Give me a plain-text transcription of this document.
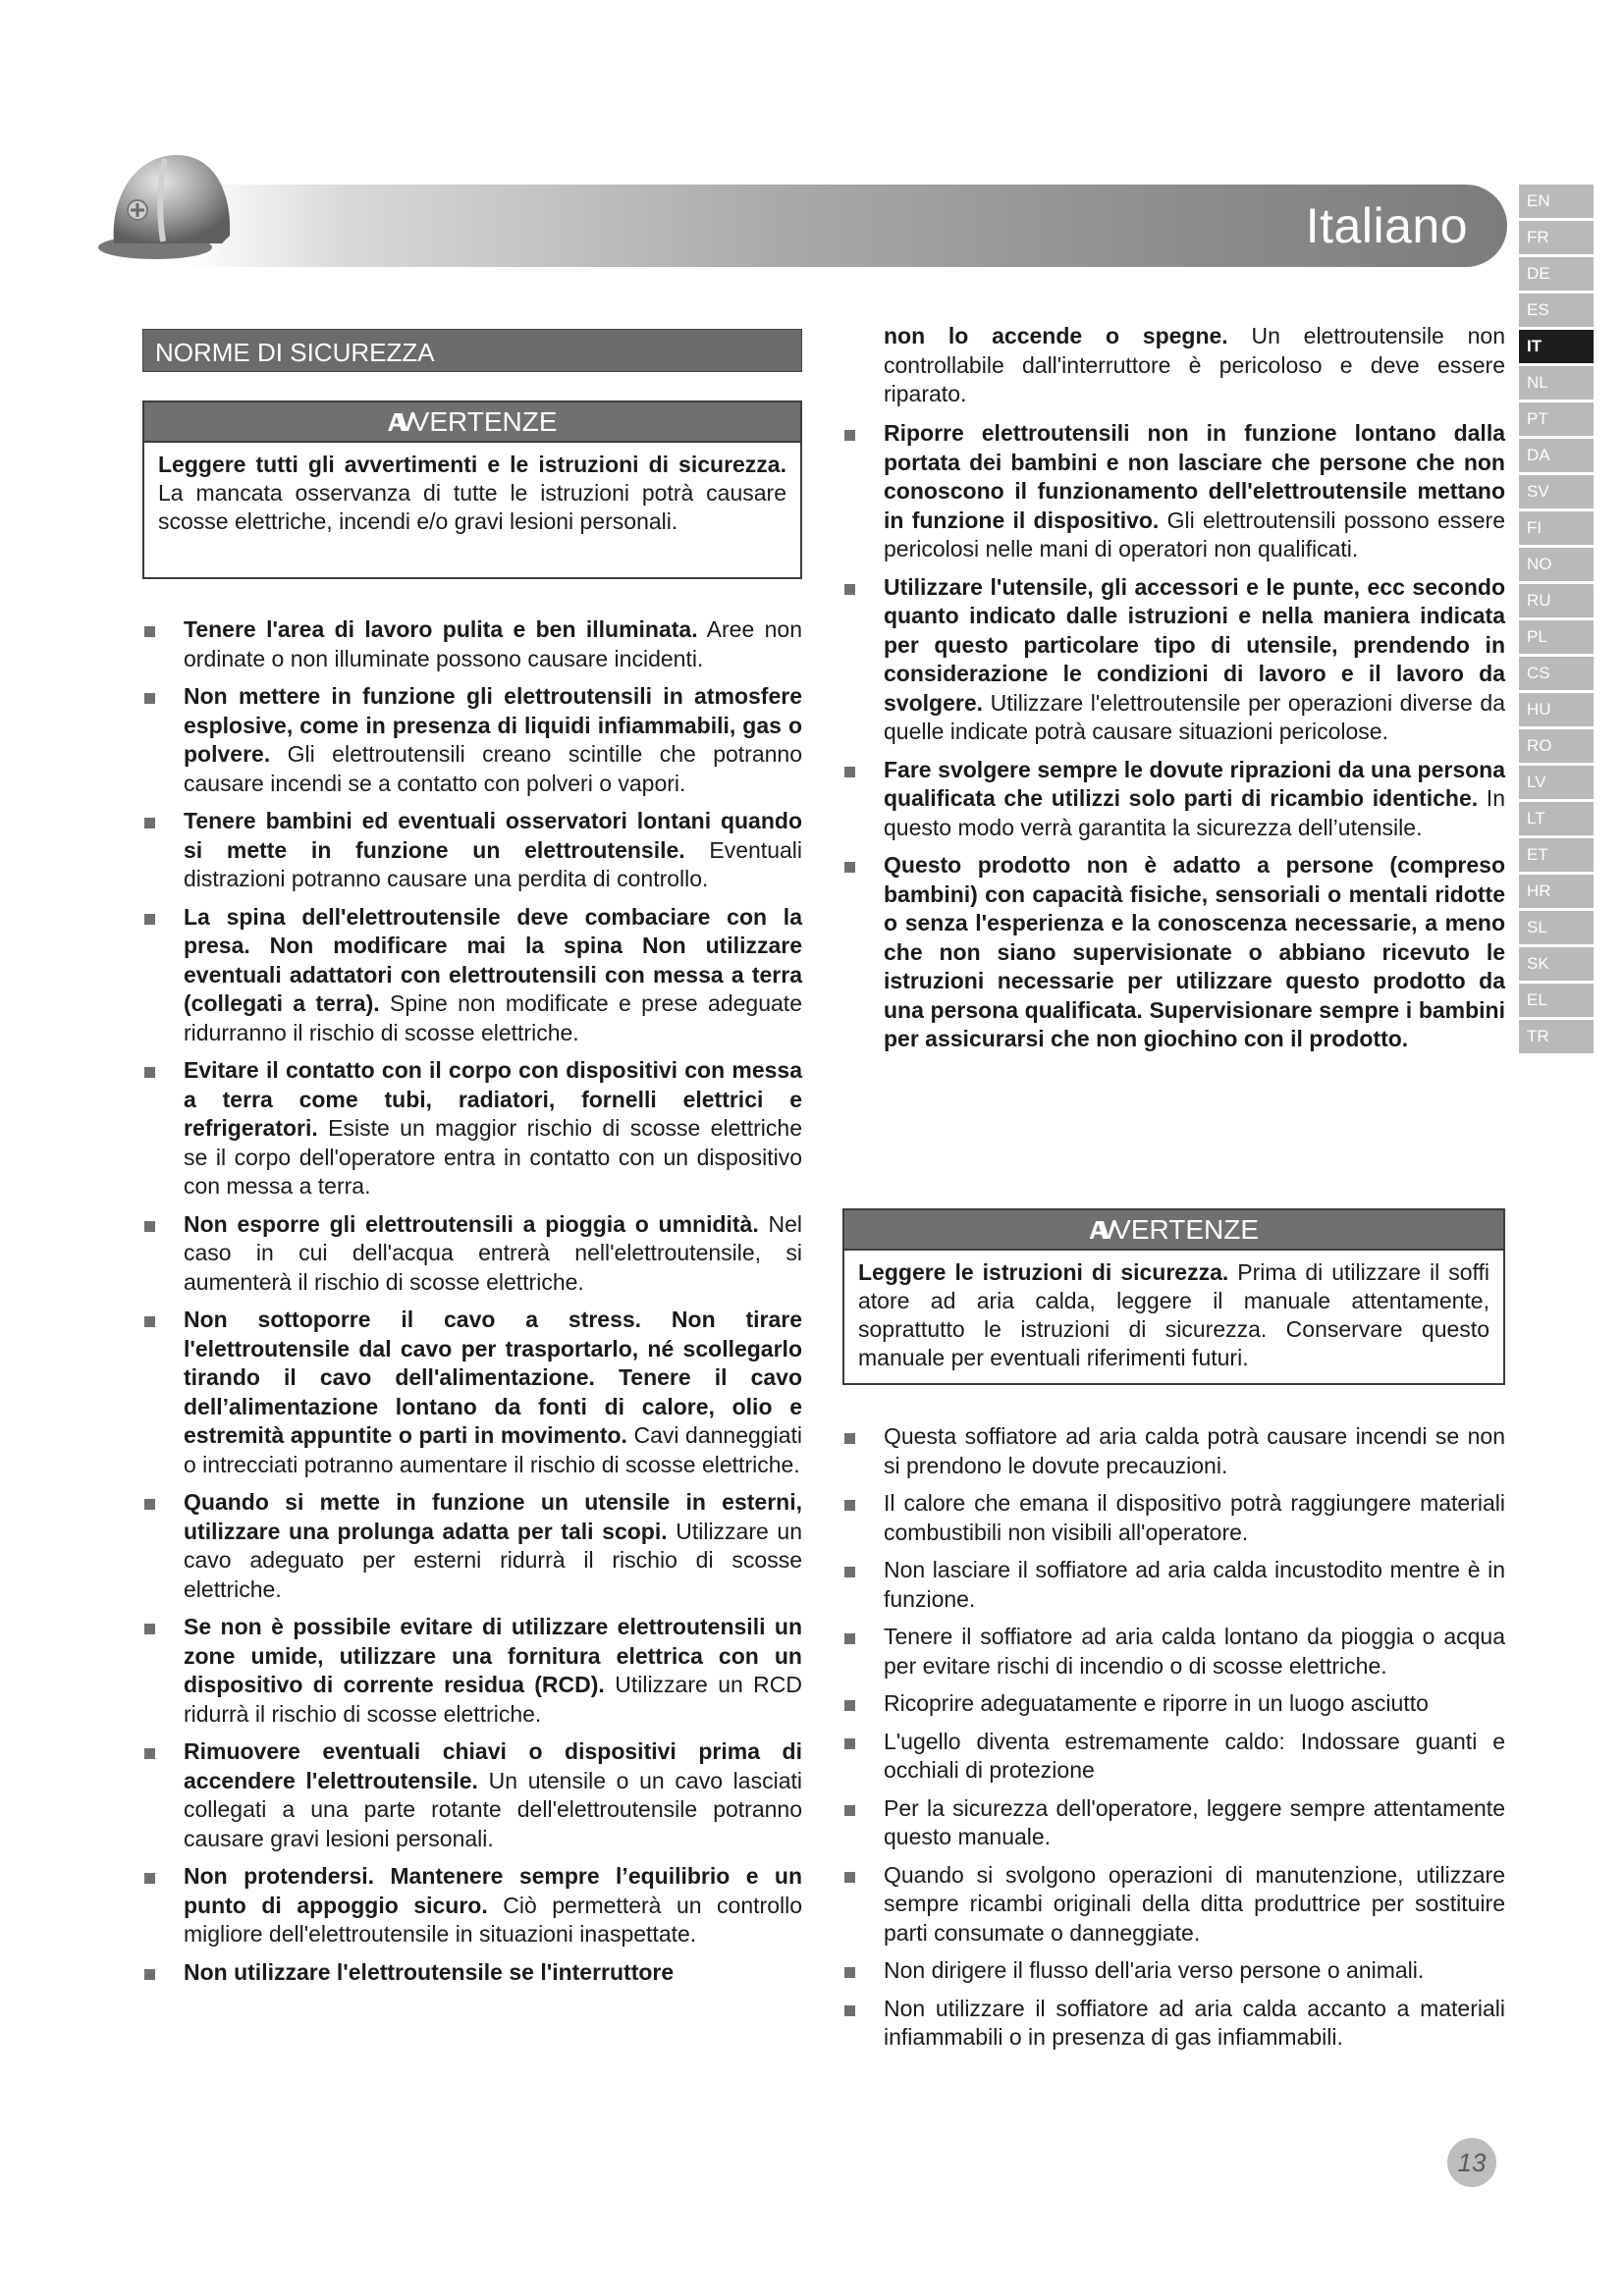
Italiano	EN
FR
DE
ES
IT
NL
PT
DA
SV
FI
NO
RU
PL
CS
HU
RO
LV
LT
ET
HR
SL
SK
EL
TR
NORME DI SICUREZZA
AVVERTENZE
Leggere tutti gli avvertimenti e le istruzioni di sicurezza. La mancata osservanza di tutte le istruzioni potrà causare scosse elettriche, incendi e/o gravi lesioni personali.
Tenere l'area di lavoro pulita e ben illuminata. Aree non ordinate o non illuminate possono causare incidenti.
Non mettere in funzione gli elettroutensili in atmosfere esplosive, come in presenza di liquidi infiammabili, gas o polvere. Gli elettroutensili creano scintille che potranno causare incendi se a contatto con polveri o vapori.
Tenere bambini ed eventuali osservatori lontani quando si mette in funzione un elettroutensile. Eventuali distrazioni potranno causare una perdita di controllo.
La spina dell'elettroutensile deve combaciare con la presa. Non modificare mai la spina Non utilizzare eventuali adattatori con elettroutensili con messa a terra (collegati a terra). Spine non modificate e prese adeguate ridurranno il rischio di scosse elettriche.
Evitare il contatto con il corpo con dispositivi con messa a terra come tubi, radiatori, fornelli elettrici e refrigeratori. Esiste un maggior rischio di scosse elettriche se il corpo dell'operatore entra in contatto con un dispositivo con messa a terra.
Non esporre gli elettroutensili a pioggia o umnidità. Nel caso in cui dell'acqua entrerà nell'elettroutensile, si aumenterà il rischio di scosse elettriche.
Non sottoporre il cavo a stress. Non tirare l'elettroutensile dal cavo per trasportarlo, né scollegarlo tirando il cavo dell'alimentazione. Tenere il cavo dell’alimentazione lontano da fonti di calore, olio e estremità appuntite o parti in movimento. Cavi danneggiati o intrecciati potranno aumentare il rischio di scosse elettriche.
Quando si mette in funzione un utensile in esterni, utilizzare una prolunga adatta per tali scopi. Utilizzare un cavo adeguato per esterni ridurrà il rischio di scosse elettriche.
Se non è possibile evitare di utilizzare elettroutensili un zone umide, utilizzare una fornitura elettrica con un dispositivo di corrente residua (RCD). Utilizzare un RCD ridurrà il rischio di scosse elettriche.
Rimuovere eventuali chiavi o dispositivi prima di accendere l'elettroutensile. Un utensile o un cavo lasciati collegati a una parte rotante dell'elettroutensile potranno causare gravi lesioni personali.
Non protendersi. Mantenere sempre l’equilibrio e un punto di appoggio sicuro. Ciò permetterà un controllo migliore dell'elettroutensile in situazioni inaspettate.
Non utilizzare l'elettroutensile se l'interruttore
non lo accende o spegne. Un elettroutensile non controllabile dall'interruttore è pericoloso e deve essere riparato.
Riporre elettroutensili non in funzione lontano dalla portata dei bambini e non lasciare che persone che non conoscono il funzionamento dell'elettroutensile mettano in funzione il dispositivo. Gli elettroutensili possono essere pericolosi nelle mani di operatori non qualificati.
Utilizzare l'utensile, gli accessori e le punte, ecc secondo quanto indicato dalle istruzioni e nella maniera indicata per questo particolare tipo di utensile, prendendo in considerazione le condizioni di lavoro e il lavoro da svolgere. Utilizzare l'elettroutensile per operazioni diverse da quelle indicate potrà causare situazioni pericolose.
Fare svolgere sempre le dovute riprazioni da una persona qualificata che utilizzi solo parti di ricambio identiche. In questo modo verrà garantita la sicurezza dell’utensile.
Questo prodotto non è adatto a persone (compreso bambini) con capacità fisiche, sensoriali o mentali ridotte o senza l'esperienza e la conoscenza necessarie, a meno che non siano supervisionate o abbiano ricevuto le istruzioni necessarie per utilizzare questo prodotto da una persona qualificata. Supervisionare sempre i bambini per assicurarsi che non giochino con il prodotto.
AVVERTENZE
Leggere le istruzioni di sicurezza. Prima di utilizzare il soffi atore ad aria calda, leggere il manuale attentamente, soprattutto le istruzioni di sicurezza. Conservare questo manuale per eventuali riferimenti futuri.
Questa soffiatore ad aria calda potrà causare incendi se non si prendono le dovute precauzioni.
Il calore che emana il dispositivo potrà raggiungere materiali combustibili non visibili all'operatore.
Non lasciare il soffiatore ad aria calda incustodito mentre è in funzione.
Tenere il soffiatore ad aria calda lontano da pioggia o acqua per evitare rischi di incendio o di scosse elettriche.
Ricoprire adeguatamente e riporre in un luogo asciutto
L'ugello diventa estremamente caldo: Indossare guanti e occhiali di protezione
Per la sicurezza dell'operatore, leggere sempre attentamente questo manuale.
Quando si svolgono operazioni di manutenzione, utilizzare sempre ricambi originali della ditta produttrice per sostituire parti consumate o danneggiate.
Non dirigere il flusso dell'aria verso persone o animali.
Non utilizzare il soffiatore ad aria calda accanto a materiali infiammabili o in presenza di gas infiammabili.
13
